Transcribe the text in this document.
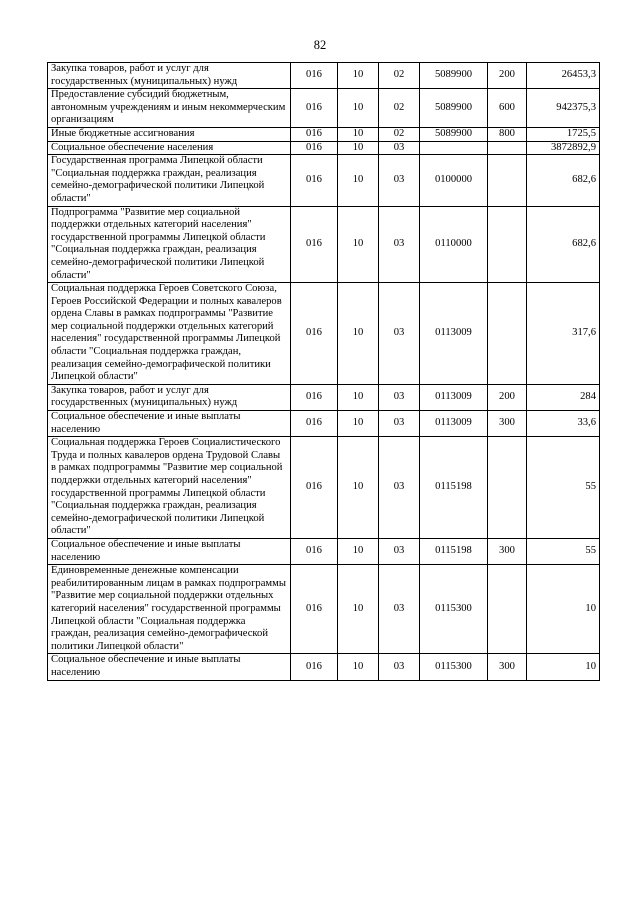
82
Закупка товаров, работ и услуг для государственных (муниципальных) нужд	016	10	02	5089900	200	26453,3
Предоставление субсидий бюджетным, автономным учреждениям и иным некоммерческим организациям	016	10	02	5089900	600	942375,3
Иные бюджетные ассигнования	016	10	02	5089900	800	1725,5
Социальное обеспечение населения	016	10	03			3872892,9
Государственная программа Липецкой области "Социальная поддержка граждан, реализация семейно-демографической политики Липецкой области"	016	10	03	0100000		682,6
Подпрограмма "Развитие мер социальной поддержки отдельных категорий населения" государственной программы Липецкой области "Социальная поддержка граждан, реализация семейно-демографической политики Липецкой области"	016	10	03	0110000		682,6
Социальная поддержка Героев Советского Союза, Героев Российской Федерации и полных кавалеров ордена Славы в рамках подпрограммы "Развитие мер социальной поддержки отдельных категорий населения" государственной программы Липецкой области "Социальная поддержка граждан, реализация семейно-демографической политики Липецкой области"	016	10	03	0113009		317,6
Закупка товаров, работ и услуг для государственных (муниципальных) нужд	016	10	03	0113009	200	284
Социальное обеспечение и иные выплаты населению	016	10	03	0113009	300	33,6
Социальная поддержка Героев Социалистического Труда и полных кавалеров ордена Трудовой Славы в рамках подпрограммы "Развитие мер социальной поддержки отдельных категорий населения" государственной программы Липецкой области "Социальная поддержка граждан, реализация семейно-демографической политики Липецкой области"	016	10	03	0115198		55
Социальное обеспечение и иные выплаты населению	016	10	03	0115198	300	55
Единовременные денежные компенсации реабилитированным лицам в рамках подпрограммы "Развитие мер социальной поддержки отдельных категорий населения" государственной программы Липецкой области "Социальная поддержка граждан, реализация семейно-демографической политики Липецкой области"	016	10	03	0115300		10
Социальное обеспечение и иные выплаты населению	016	10	03	0115300	300	10
